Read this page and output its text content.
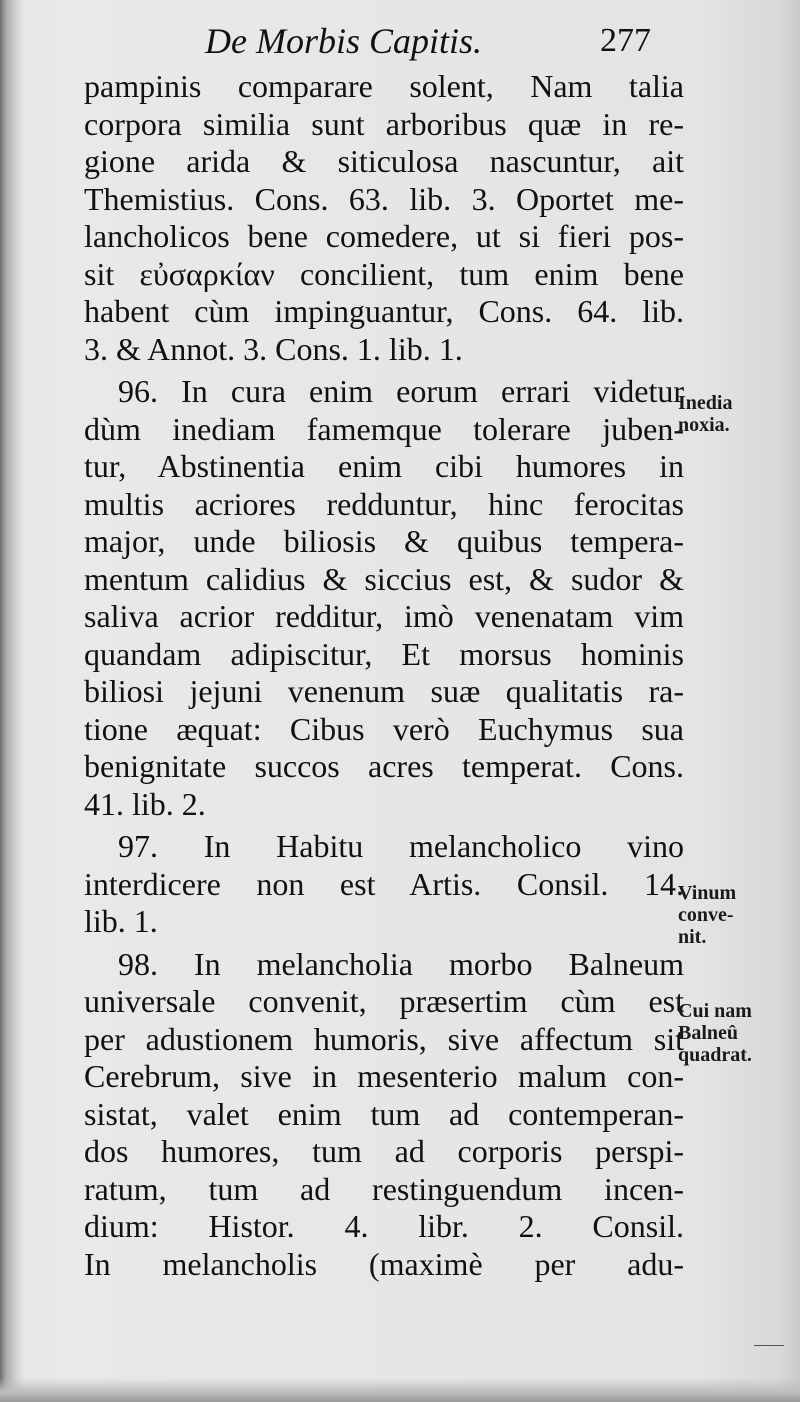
De Morbis Capitis.	277
pampinis comparare solent, Nam talia
corpora similia sunt arboribus quæ in re-
gione arida & siticulosa nascuntur, ait
Themistius. Cons. 63. lib. 3. Oportet me-
lancholicos bene comedere, ut si fieri pos-
sit εὐσαρκίαν concilient, tum enim bene
habent cùm impinguantur, Cons. 64. lib.
3. & Annot. 3. Cons. 1. lib. 1.
96. In cura enim eorum errari videtur
dùm inediam famemque tolerare juben-
tur, Abstinentia enim cibi humores in
multis acriores redduntur, hinc ferocitas
major, unde biliosis & quibus tempera-
mentum calidius & siccius est, & sudor &
saliva acrior redditur, imò venenatam vim
quandam adipiscitur, Et morsus hominis
biliosi jejuni venenum suæ qualitatis ra-
tione æquat: Cibus verò Euchymus sua
benignitate succos acres temperat. Cons.
41. lib. 2.
97. In Habitu melancholico vino
interdicere non est Artis. Consil. 14.
lib. 1.
98. In melancholia morbo Balneum
universale convenit, præsertim cùm est
per adustionem humoris, sive affectum sit
Cerebrum, sive in mesenterio malum con-
sistat, valet enim tum ad contemperan-
dos humores, tum ad corporis perspi-
ratum, tum ad restinguendum incen-
dium: Histor. 4. libr. 2. Consil.
In melancholis (maximè per adu-
Inedia
noxia.
Vinum
conve-
nit.
Cui nam
Balneû
quadrat.
